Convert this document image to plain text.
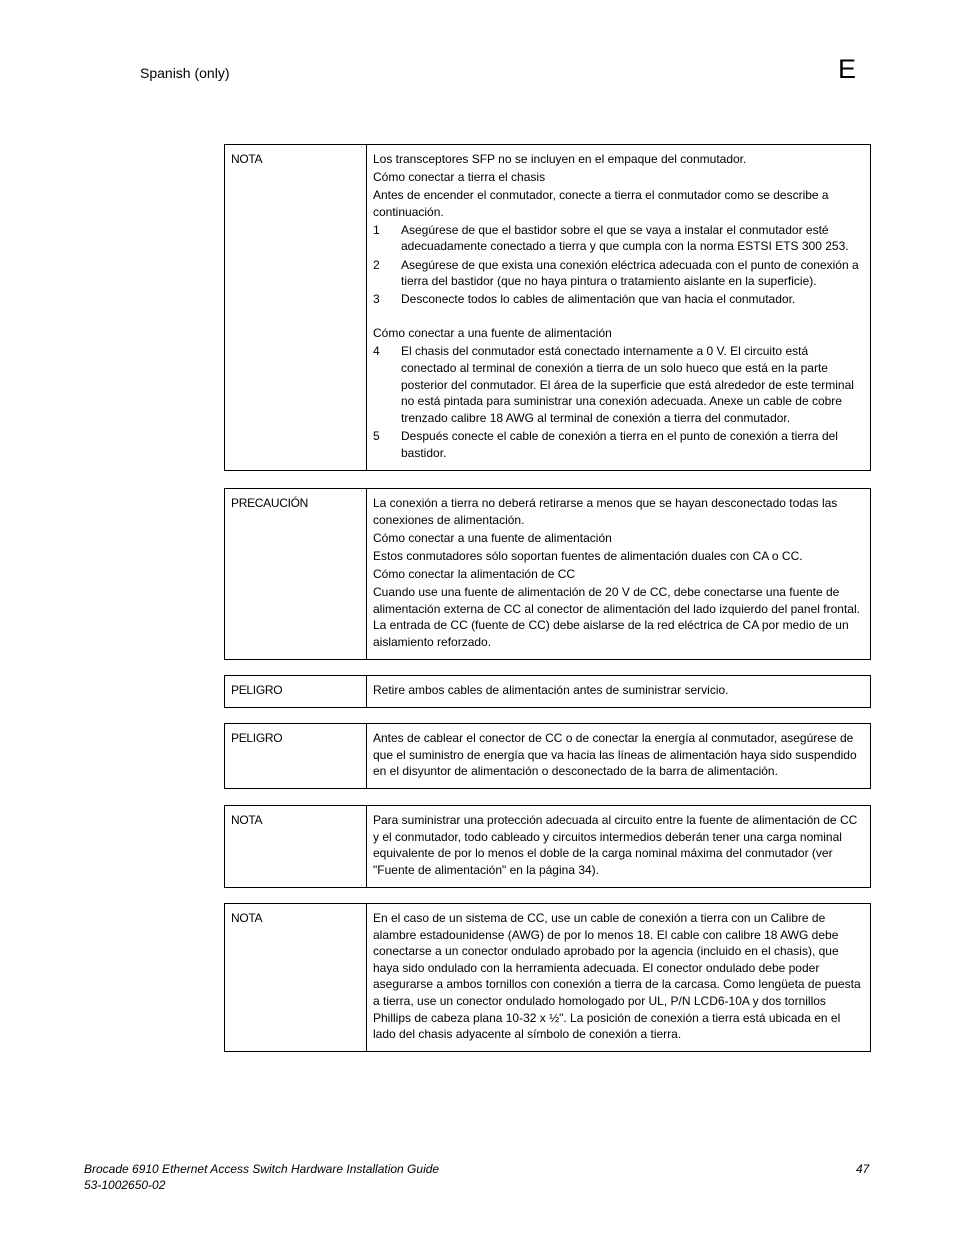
Spanish (only)	E
NOTA	Los transceptores SFP no se incluyen en el empaque del conmutador.
Cómo conectar a tierra el chasis
Antes de encender el conmutador, conecte a tierra el conmutador como se describe a continuación.
1	Asegúrese de que el bastidor sobre el que se vaya a instalar el conmutador esté adecuadamente conectado a tierra y que cumpla con la norma ESTSI ETS 300 253.
2	Asegúrese de que exista una conexión eléctrica adecuada con el punto de conexión a tierra del bastidor (que no haya pintura o tratamiento aislante en la superficie).
3	Desconecte todos lo cables de alimentación que van hacia el conmutador.
Cómo conectar a una fuente de alimentación
4	El chasis del conmutador está conectado internamente a 0 V. El circuito está conectado al terminal de conexión a tierra de un solo hueco que está en la parte posterior del conmutador. El área de la superficie que está alrededor de este terminal no está pintada para suministrar una conexión adecuada. Anexe un cable de cobre trenzado calibre 18 AWG al terminal de conexión a tierra del conmutador.
5	Después conecte el cable de conexión a tierra en el punto de conexión a tierra del bastidor.
PRECAUCIÓN	La conexión a tierra no deberá retirarse a menos que se hayan desconectado todas las conexiones de alimentación.
Cómo conectar a una fuente de alimentación
Estos conmutadores sólo soportan fuentes de alimentación duales con CA o CC.
Cómo conectar la alimentación de CC
Cuando use una fuente de alimentación de 20 V de CC, debe conectarse una fuente de alimentación externa de CC al conector de alimentación del lado izquierdo del panel frontal. La entrada de CC (fuente de CC) debe aislarse de la red eléctrica de CA por medio de un aislamiento reforzado.
PELIGRO	Retire ambos cables de alimentación antes de suministrar servicio.
PELIGRO	Antes de cablear el conector de CC o de conectar la energía al conmutador, asegúrese de que el suministro de energía que va hacia las líneas de alimentación haya sido suspendido en el disyuntor de alimentación o desconectado de la barra de alimentación.
NOTA	Para suministrar una protección adecuada al circuito entre la fuente de alimentación de CC y el conmutador, todo cableado y circuitos intermedios deberán tener una carga nominal equivalente de por lo menos el doble de la carga nominal máxima del conmutador (ver "Fuente de alimentación" en la página 34).
NOTA	En el caso de un sistema de CC, use un cable de conexión a tierra con un Calibre de alambre estadounidense (AWG) de por lo menos 18. El cable con calibre 18 AWG debe conectarse a un conector ondulado aprobado por la agencia (incluido en el chasis), que haya sido ondulado con la herramienta adecuada. El conector ondulado debe poder asegurarse a ambos tornillos con conexión a tierra de la carcasa. Como lengüeta de puesta a tierra, use un conector ondulado homologado por UL, P/N LCD6-10A y dos tornillos Phillips de cabeza plana 10-32 x ½". La posición de conexión a tierra está ubicada en el lado del chasis adyacente al símbolo de conexión a tierra.
Brocade 6910 Ethernet Access Switch Hardware Installation Guide
53-1002650-02
47
